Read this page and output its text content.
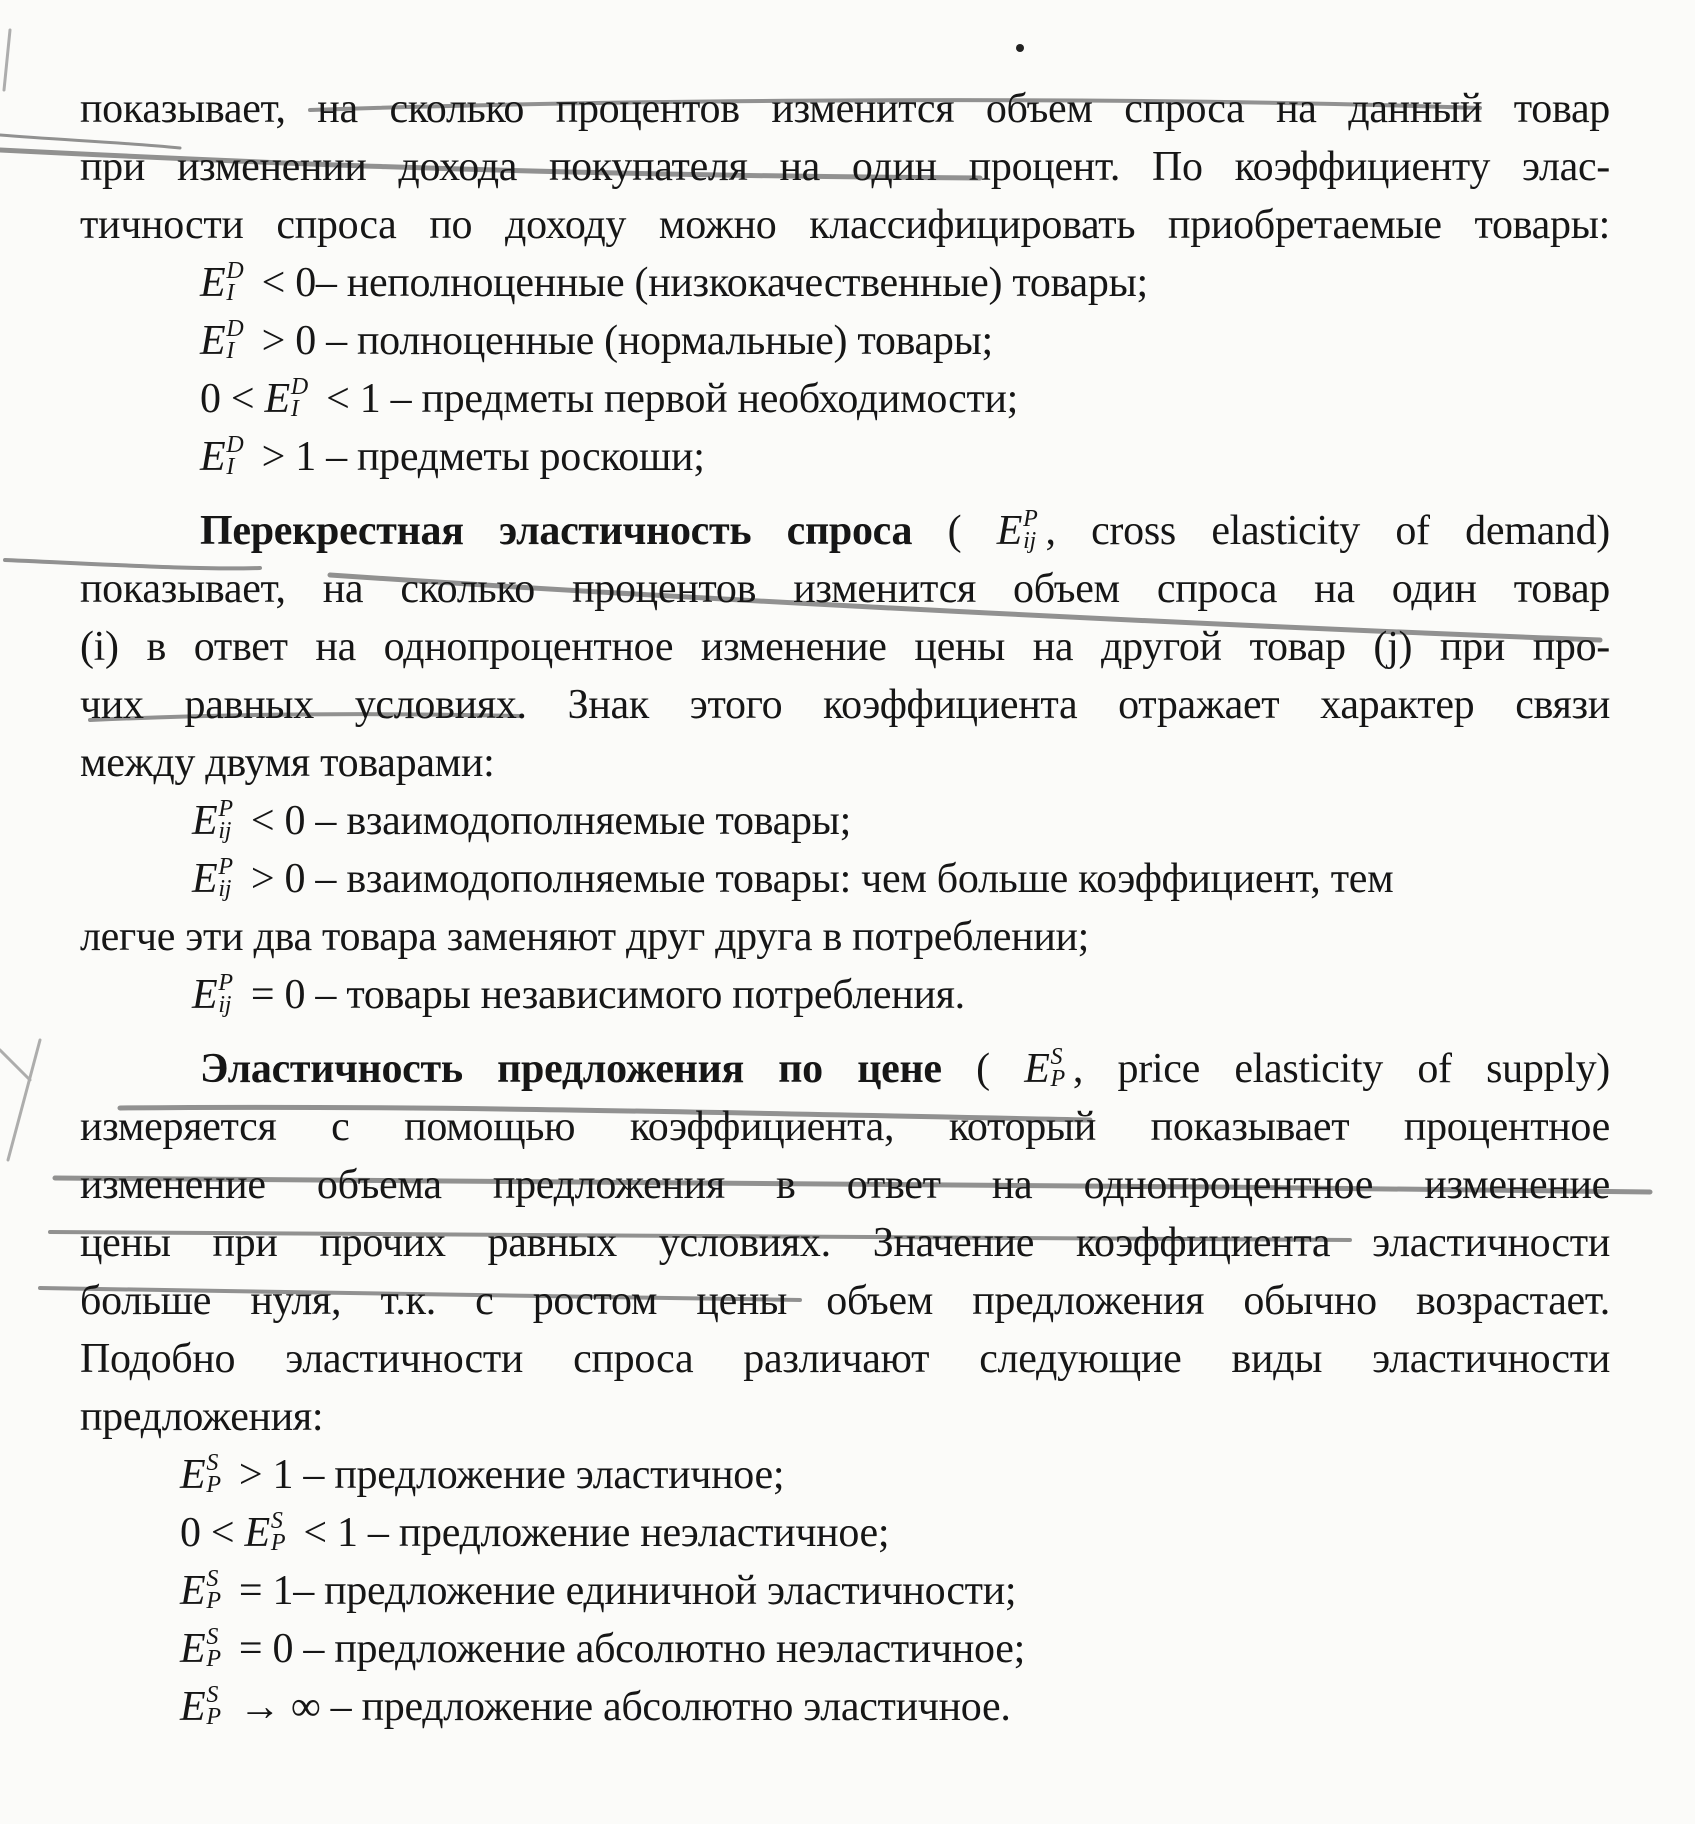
показывает, на сколько процентов изменится объем спроса на данный товар
при изменении дохода покупателя на один процент. По коэффициенту элас-
тичности спроса по доходу можно классифицировать приобретаемые товары:
E D
I < 0– неполноценные (низкокачественные) товары;
E D
I > 0 – полноценные (нормальные) товары;
0 < E D
I < 1 – предметы первой необходимости;
E D
I > 1 – предметы роскоши;
Перекрестная эластичность спроса ( E P
ij , cross elasticity of demand)
показывает, на сколько процентов изменится объем спроса на один товар
(i) в ответ на однопроцентное изменение цены на другой товар (j) при про-
чих равных условиях. Знак этого коэффициента отражает характер связи
между двумя товарами:
E P
ij < 0 – взаимодополняемые товары;
E P
ij > 0 – взаимодополняемые товары: чем больше коэффициент, тем
легче эти два товара заменяют друг друга в потреблении;
E P
ij = 0 – товары независимого потребления.
Эластичность предложения по цене ( E S
P , price elasticity of supply)
измеряется с помощью коэффициента, который показывает процентное
изменение объема предложения в ответ на однопроцентное изменение
цены при прочих равных условиях. Значение коэффициента эластичности
больше нуля, т.к. с ростом цены объем предложения обычно возрастает.
Подобно эластичности спроса различают следующие виды эластичности
предложения:
E S
P > 1 – предложение эластичное;
0 < E S
P < 1 – предложение неэластичное;
E S
P = 1– предложение единичной эластичности;
E S
P = 0 – предложение абсолютно неэластичное;
E S
P → ∞ – предложение абсолютно эластичное.
